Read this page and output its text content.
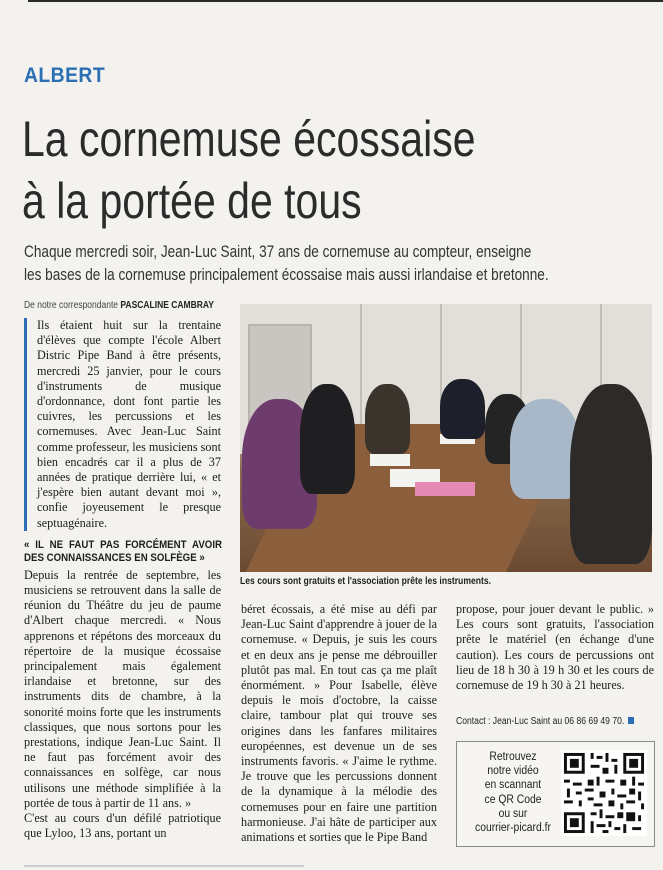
ALBERT
La cornemuse écossaise
à la portée de tous
Chaque mercredi soir, Jean-Luc Saint, 37 ans de cornemuse au compteur, enseigne
les bases de la cornemuse principalement écossaise mais aussi irlandaise et bretonne.
De notre correspondante PASCALINE CAMBRAY

Ils étaient huit sur la trentaine d'élèves que compte l'école Albert Distric Pipe Band à être présents, mercredi 25 janvier, pour le cours d'instruments de musique d'ordonnance, dont font partie les cuivres, les percussions et les cornemuses. Avec Jean-Luc Saint comme professeur, les musiciens sont bien encadrés car il a plus de 37 années de pratique derrière lui, « et j'espère bien autant devant moi », confie joyeusement le presque septuagénaire.

« IL NE FAUT PAS FORCÉMENT AVOIR DES CONNAISSANCES EN SOLFÈGE »

Depuis la rentrée de septembre, les musiciens se retrouvent dans la salle de réunion du Théâtre du jeu de paume d'Albert chaque mercredi. « Nous apprenons et répétons des morceaux du répertoire de la musique écossaise principalement mais également irlandaise et bretonne, sur des instruments dits de chambre, à la sonorité moins forte que les instruments classiques, que nous sortons pour les prestations, indique Jean-Luc Saint. Il ne faut pas forcément avoir des connaissances en solfège, car nous utilisons une méthode simplifiée à la portée de tous à partir de 11 ans. »

C'est au cours d'un défilé patriotique que Lyloo, 13 ans, portant un

Les cours sont gratuits et l'association prête les instruments.

béret écossais, a été mise au défi par Jean-Luc Saint d'apprendre à jouer de la cornemuse. « Depuis, je suis les cours et en deux ans je pense me débrouiller plutôt pas mal. En tout cas ça me plaît énormément. » Pour Isabelle, élève depuis le mois d'octobre, la caisse claire, tambour plat qui trouve ses origines dans les fanfares militaires européennes, est devenue un de ses instruments favoris. « J'aime le rythme. Je trouve que les percussions donnent de la dynamique à la mélodie des cornemuses pour en faire une partition harmonieuse. J'ai hâte de participer aux animations et sorties que le Pipe Band

propose, pour jouer devant le public. » Les cours sont gratuits, l'association prête le matériel (en échange d'une caution). Les cours de percussions ont lieu de 18 h 30 à 19 h 30 et les cours de cornemuse de 19 h 30 à 21 heures.

Contact : Jean-Luc Saint au 06 86 69 49 70.
Retrouvez
notre vidéo
en scannant
ce QR Code
ou sur
courrier-picard.fr
